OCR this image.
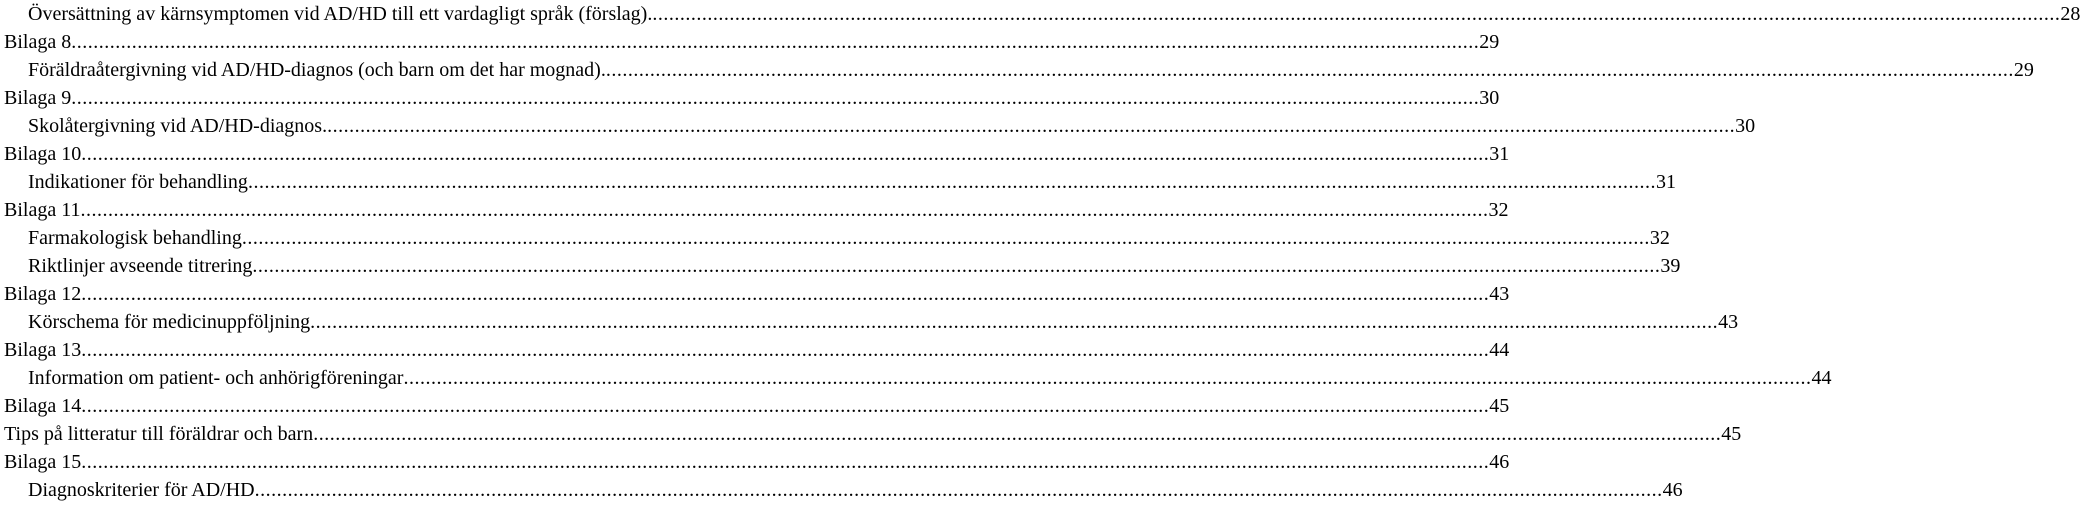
Översättning av kärnsymptomen vid AD/HD till ett vardagligt språk (förslag). .....	28
Bilaga 8 .....	29
Föräldraåtergivning vid AD/HD-diagnos (och barn om det har mognad). .....	29
Bilaga 9 .....	30
Skolåtergivning vid AD/HD-diagnos. .....	30
Bilaga 10 .....	31
Indikationer för behandling .....	31
Bilaga 11 .....	32
Farmakologisk behandling .....	32
Riktlinjer avseende titrering .....	39
Bilaga 12 .....	43
Körschema för medicinuppföljning .....	43
Bilaga 13 .....	44
Information om patient- och anhörigföreningar .....	44
Bilaga 14 .....	45
Tips på litteratur till föräldrar och barn .....	45
Bilaga 15 .....	46
Diagnoskriterier för AD/HD .....	46
